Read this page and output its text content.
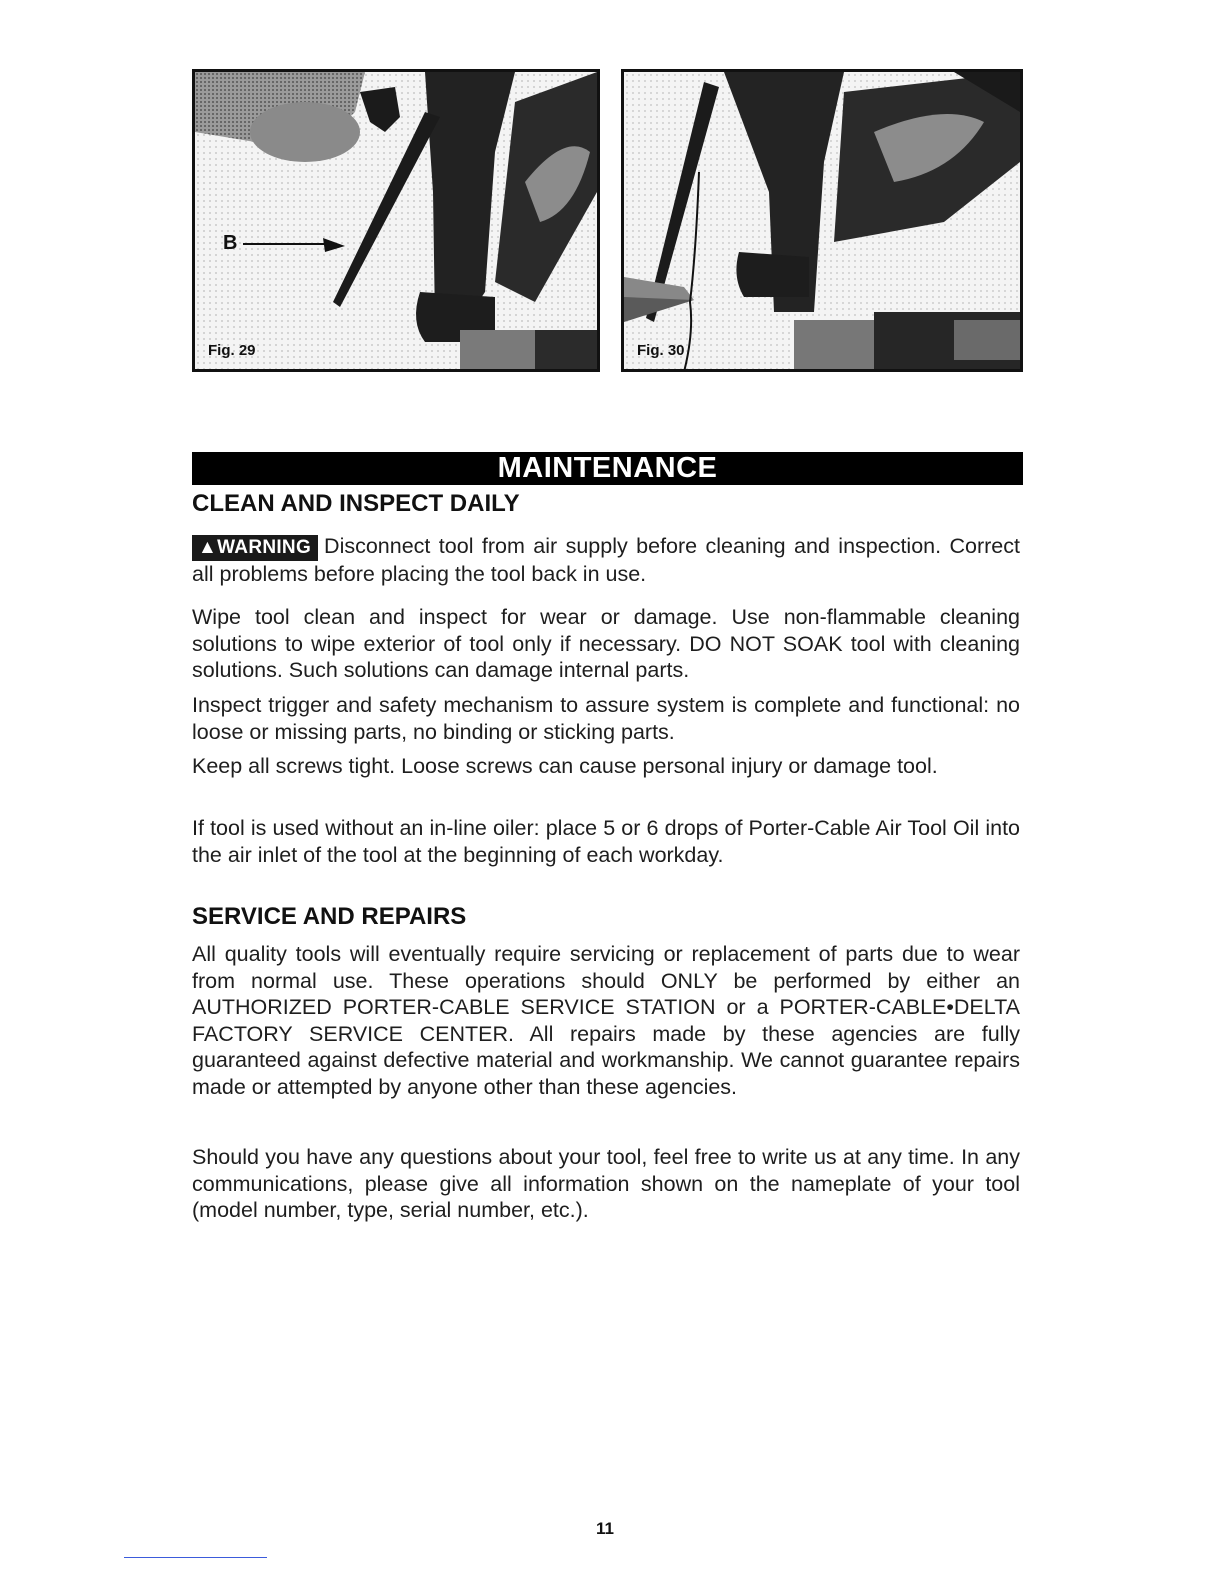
B
Fig. 29	Fig. 30
MAINTENANCE
CLEAN AND INSPECT DAILY

▲WARNING Disconnect tool from air supply before cleaning and inspection. Correct all problems before placing the tool back in use.

Wipe tool clean and inspect for wear or damage. Use non-flammable cleaning solutions to wipe exterior of tool only if necessary. DO NOT SOAK tool with cleaning solutions. Such solutions can damage internal parts.

Inspect trigger and safety mechanism to assure system is complete and functional: no loose or missing parts, no binding or sticking parts.

Keep all screws tight. Loose screws can cause personal injury or damage tool.

If tool is used without an in-line oiler: place 5 or 6 drops of Porter-Cable Air Tool Oil into the air inlet of the tool at the beginning of each workday.

SERVICE AND REPAIRS

All quality tools will eventually require servicing or replacement of parts due to wear from normal use. These operations should ONLY be performed by either an AUTHORIZED PORTER-CABLE SERVICE STATION or a PORTER-CABLE•DELTA FACTORY SERVICE CENTER. All repairs made by these agencies are fully guaranteed against defective material and workmanship. We cannot guarantee repairs made or attempted by anyone other than these agencies.

Should you have any questions about your tool, feel free to write us at any time. In any communications, please give all information shown on the nameplate of your tool (model number, type, serial number, etc.).

11
